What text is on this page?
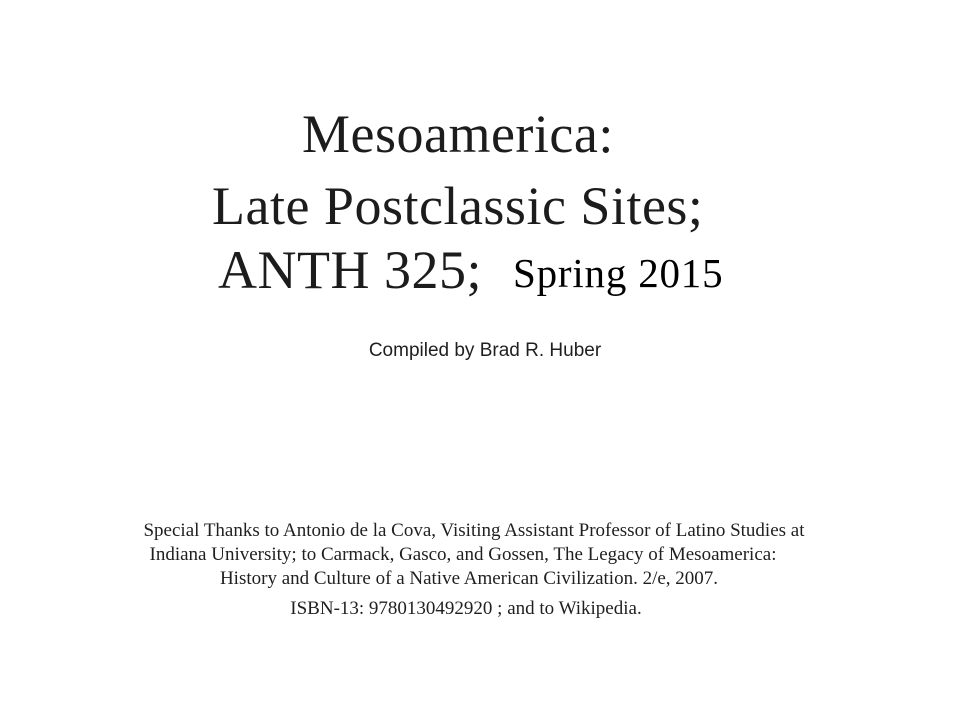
Mesoamerica:
Late Postclassic Sites;
ANTH 325; Spring 2015
Compiled by Brad R. Huber
Special Thanks to Antonio de la Cova, Visiting Assistant Professor of Latino Studies at
Indiana University; to Carmack, Gasco, and Gossen, The Legacy of Mesoamerica:
History and Culture of a Native American Civilization. 2/e, 2007.
ISBN-13: 9780130492920 ; and to Wikipedia.
